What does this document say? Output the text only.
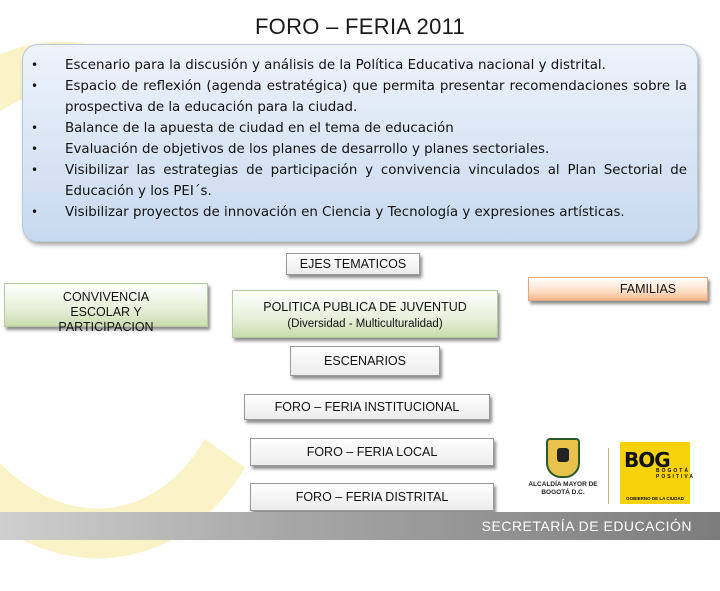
FORO – FERIA 2011
• Escenario para la discusión y análisis de la Política Educativa nacional y distrital.
• Espacio de reflexión (agenda estratégica) que permita presentar recomendaciones sobre la prospectiva de la educación para la ciudad.
• Balance de la apuesta de ciudad en el tema de educación
• Evaluación de objetivos de los planes de desarrollo y planes sectoriales.
• Visibilizar las estrategias de participación y convivencia vinculados al Plan Sectorial de Educación y los PEI´s.
• Visibilizar proyectos de innovación en Ciencia y Tecnología y expresiones artísticas.
EJES TEMATICOS
CONVIVENCIA ESCOLAR Y PARTICIPACION
POLITICA PUBLICA DE JUVENTUD
(Diversidad - Multiculturalidad)
FAMILIAS
ESCENARIOS
FORO – FERIA INSTITUCIONAL
FORO – FERIA LOCAL
FORO – FERIA DISTRITAL
ALCALDÍA MAYOR DE BOGOTÁ D.C.
BOG
BOGOTÁ POSITIVA
GOBIERNO DE LA CIUDAD
SECRETARÍA DE EDUCACIÓN
